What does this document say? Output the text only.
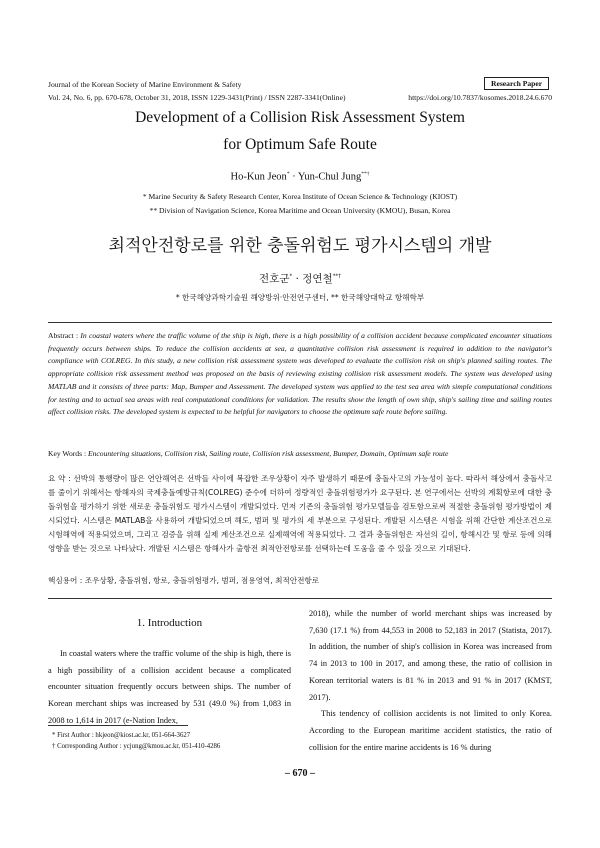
Journal of the Korean Society of Marine Environment & Safety	Research Paper
Vol. 24, No. 6, pp. 670-678, October 31, 2018, ISSN 1229-3431(Print) / ISSN 2287-3341(Online)	https://doi.org/10.7837/kosomes.2018.24.6.670
Development of a Collision Risk Assessment System
for Optimum Safe Route
Ho-Kun Jeon* · Yun-Chul Jung**†
* Marine Security & Safety Research Center, Korea Institute of Ocean Science & Technology (KIOST)
** Division of Navigation Science, Korea Maritime and Ocean University (KMOU), Busan, Korea
최적안전항로를 위한 충돌위험도 평가시스템의 개발
전호군* · 정연철**†
* 한국해양과학기술원 해양방위·안전연구센터, ** 한국해양대학교 항해학부
Abstract : In coastal waters where the traffic volume of the ship is high, there is a high possibility of a collision accident because complicated encounter situations frequently occurs between ships. To reduce the collision accidents at sea, a quantitative collision risk assessment is required in addition to the navigator's compliance with COLREG. In this study, a new collision risk assessment system was developed to evaluate the collision risk on ship's planned sailing routes. The appropriate collision risk assessment method was proposed on the basis of reviewing existing collision risk assessment models. The system was developed using MATLAB and it consists of three parts: Map, Bumper and Assessment. The developed system was applied to the test sea area with simple computational conditions for testing and to actual sea areas with real computational conditions for validation. The results show the length of own ship, ship's sailing time and sailing routes affect collision risks. The developed system is expected to be helpful for navigators to choose the optimum safe route before sailing.
Key Words : Encountering situations, Collision risk, Sailing route, Collision risk assessment, Bumper, Domain, Optimum safe route
요 약 : 선박의 통행량이 많은 연안해역은 선박들 사이에 복잡한 조우상황이 자주 발생하기 때문에 충돌사고의 가능성이 높다. 따라서 해상에서 충돌사고를 줄이기 위해서는 항해자의 국제충돌예방규칙(COLREG) 준수에 더하여 정량적인 충돌위험평가가 요구된다. 본 연구에서는 선박의 계획항로에 대한 충돌위험을 평가하기 위한 새로운 충돌위험도 평가시스템이 개발되었다. 먼저 기존의 충돌위험 평가모델들을 검토함으로써 적절한 충돌위험 평가방법이 제시되었다. 시스템은 MATLAB을 사용하여 개발되었으며 해도, 범퍼 및 평가의 세 부분으로 구성된다. 개발된 시스템은 시험을 위해 간단한 계산조건으로 시험해역에 적용되었으며, 그리고 검증을 위해 실제 계산조건으로 실제해역에 적용되었다. 그 결과 충돌위험은 자선의 길이, 항해시간 및 항로 등에 의해 영향을 받는 것으로 나타났다. 개발된 시스템은 항해사가 출항전 최적안전항로를 선택하는데 도움을 줄 수 있을 것으로 기대된다.
핵심용어 : 조우상황, 충돌위험, 항로, 충돌위험평가, 범퍼, 점용영역, 최적안전항로
1. Introduction

In coastal waters where the traffic volume of the ship is high, there is a high possibility of a collision accident because a complicated encounter situation frequently occurs between ships. The number of Korean merchant ships was increased by 531 (49.0 %) from 1,083 in 2008 to 1,614 in 2017 (e-Nation Index,

* First Author : hkjeon@kiost.ac.kr, 051-664-3627
† Corresponding Author : ycjung@kmou.ac.kr, 051-410-4286

2018), while the number of world merchant ships was increased by 7,630 (17.1 %) from 44,553 in 2008 to 52,183 in 2017 (Statista, 2017). In addition, the number of ship's collision in Korea was increased from 74 in 2013 to 100 in 2017, and among these, the ratio of collision in Korean territorial waters is 81 % in 2013 and 91 % in 2017 (KMST, 2017).

This tendency of collision accidents is not limited to only Korea. According to the European maritime accident statistics, the ratio of collision for the entire marine accidents is 16 % during

– 670 –
